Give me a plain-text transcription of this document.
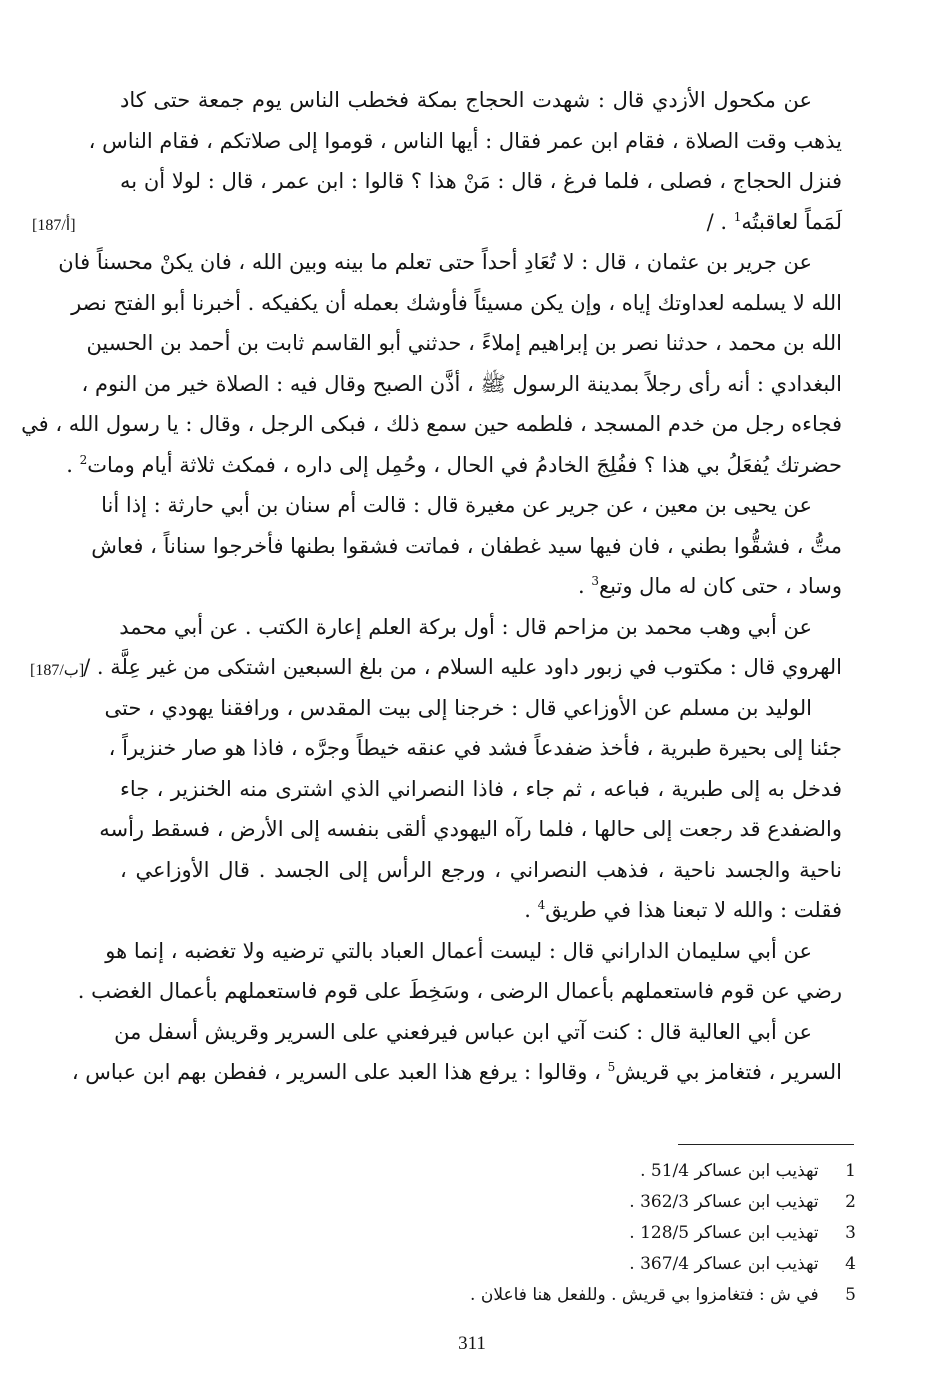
[187/أ]
[187/ب]
عن مكحول الأزدي قال : شهدت الحجاج بمكة فخطب الناس يوم جمعة حتى كاد
يذهب وقت الصلاة ، فقام ابن عمر فقال : أيها الناس ، قوموا إلى صلاتكم ، فقام الناس ،
فنزل الحجاج ، فصلى ، فلما فرغ ، قال : مَنْ هذا ؟ قالوا : ابن عمر ، قال : لولا أن به
لَمَماً لعاقبتُه$^1$ . /
عن جرير بن عثمان ، قال : لا تُعَادِ أحداً حتى تعلم ما بينه وبين الله ، فان يكنْ محسناً فان
الله لا يسلمه لعداوتك إياه ، وإن يكن مسيئاً فأوشك بعمله أن يكفيكه . أخبرنا أبو الفتح نصر
الله بن محمد ، حدثنا نصر بن إبراهيم إملاءً ، حدثني أبو القاسم ثابت بن أحمد بن الحسين
البغدادي : أنه رأى رجلاً بمدينة الرسول ﷺ ، أذَّن الصبح وقال فيه : الصلاة خير من النوم ،
فجاءه رجل من خدم المسجد ، فلطمه حين سمع ذلك ، فبكى الرجل ، وقال : يا رسول الله ، في
حضرتك يُفعَلُ بي هذا ؟ ففُلِجَ الخادمُ في الحال ، وحُمِل إلى داره ، فمكث ثلاثة أيام ومات$^2$ .
عن يحيى بن معين ، عن جرير عن مغيرة قال : قالت أم سنان بن أبي حارثة : إذا أنا
متُّ ، فشقُّوا بطني ، فان فيها سيد غطفان ، فماتت فشقوا بطنها فأخرجوا سناناً ، فعاش
وساد ، حتى كان له مال وتبع$^3$ .
عن أبي وهب محمد بن مزاحم قال : أول بركة العلم إعارة الكتب . عن أبي محمد
الهروي قال : مكتوب في زبور داود عليه السلام ، من بلغ السبعين اشتكى من غير عِلَّة . /
الوليد بن مسلم عن الأوزاعي قال : خرجنا إلى بيت المقدس ، ورافقنا يهودي ، حتى
جئنا إلى بحيرة طبرية ، فأخذ ضفدعاً فشد في عنقه خيطاً وجرَّه ، فاذا هو صار خنزيراً ،
فدخل به إلى طبرية ، فباعه ، ثم جاء ، فاذا النصراني الذي اشترى منه الخنزير ، جاء
والضفدع قد رجعت إلى حالها ، فلما رآه اليهودي ألقى بنفسه إلى الأرض ، فسقط رأسه
ناحية والجسد ناحية ، فذهب النصراني ، ورجع الرأس إلى الجسد . قال الأوزاعي ،
فقلت : والله لا تبعنا هذا في طريق$^4$ .
عن أبي سليمان الداراني قال : ليست أعمال العباد بالتي ترضيه ولا تغضبه ، إنما هو
رضي عن قوم فاستعملهم بأعمال الرضى ، وسَخِطَ على قوم فاستعملهم بأعمال الغضب .
عن أبي العالية قال : كنت آتي ابن عباس فيرفعني على السرير وقريش أسفل من
السرير ، فتغامز بي قريش$^5$ ، وقالوا : يرفع هذا العبد على السرير ، ففطن بهم ابن عباس ،
1 تهذيب ابن عساكر 51/4 .
2 تهذيب ابن عساكر 362/3 .
3 تهذيب ابن عساكر 128/5 .
4 تهذيب ابن عساكر 367/4 .
5 في ش : فتغامزوا بي قريش . وللفعل هنا فاعلان .
311
